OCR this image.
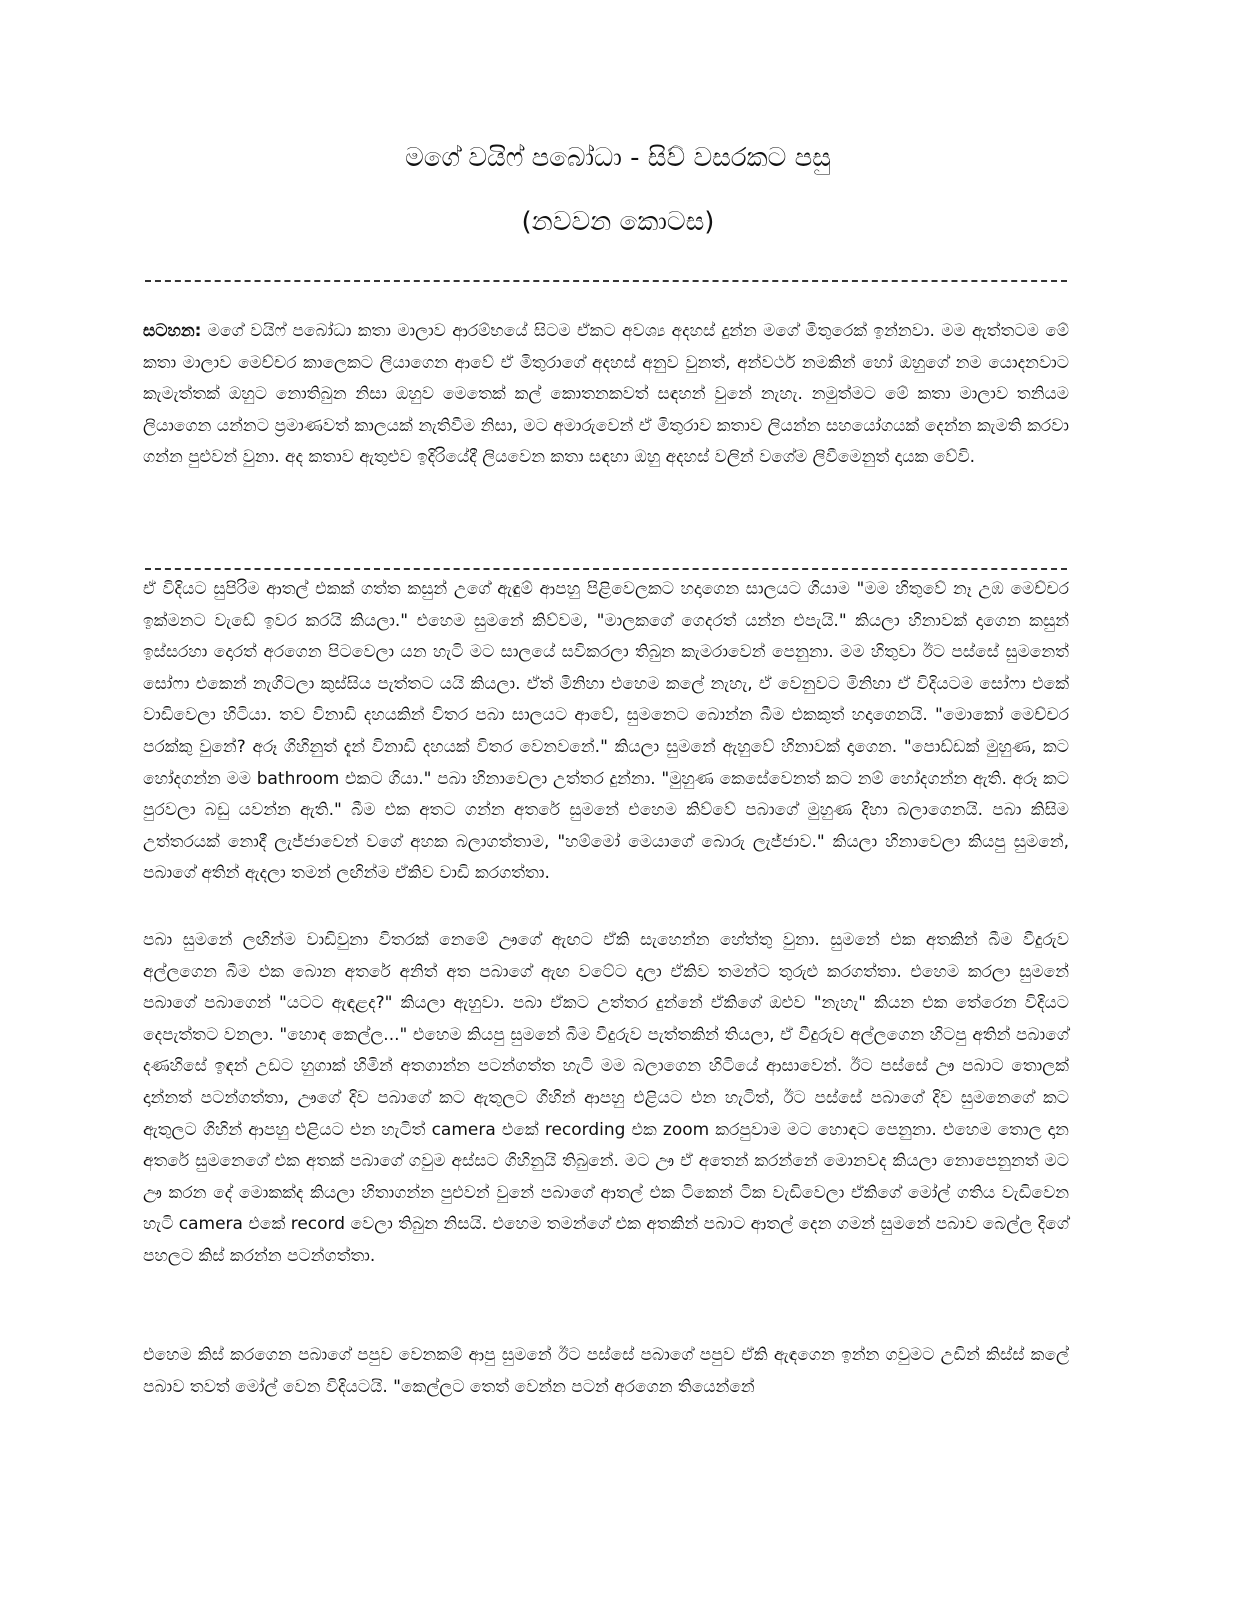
මගේ වයිෆ් පබෝධා - සිව් වසරකට පසු
(නවවන කොටස)

සටහන: මගේ වයිෆ් පබෝධා කතා මාලාව ආරම්භයේ සිටම ඒකට අවශ්‍ය අදහස් දුන්න මගේ මිතුරෙක් ඉන්නවා. මම ඇත්තටම මේ කතා මාලාව මෙච්චර කාලෙකට ලියාගෙන ආවේ ඒ මිතුරාගේ අදහස් අනුව වුනත්, අන්වර්ථ නමකින් හෝ ඔහුගේ නම යොදනවාට කැමැත්තක් ඔහුට නොතිබුන නිසා ඔහුව මෙතෙක් කල් කොතනකවත් සඳහන් වුනේ නැහැ. නමුත්මට මේ කතා මාලාව තනියම ලියාගෙන යන්නට ප්‍රමාණවත් කාලයක් නැතිවීම නිසා, මට අමාරුවෙන් ඒ මිතුරාව කතාව ලියන්න සහයෝගයක් දෙන්න කැමති කරවා ගන්න පුළුවන් වුනා. අද කතාව ඇතුළුව ඉදිරියේදී ලියවෙන කතා සඳහා ඔහු අදහස් වලින් වගේම ලිවීමෙනුත් දායක වේවි.

ඒ විදියට සුපිරිම ආතල් එකක් ගත්ත කසුන් උගේ ඇඳුම් ආපහු පිළිවෙලකට හදාගෙන සාලයට ගියාම "මම හිතුවේ නෑ උඹ මෙච්චර ඉක්මනට වැඩේ ඉවර කරයි කියලා." එහෙම සුමනේ කිව්වම, "මාලකගේ ගෙදරත් යන්න එපැයි." කියලා හිනාවක් දාගෙන කසුන් ඉස්සරහා දොරත් අරගෙන පිටවෙලා යන හැටි මට සාලයේ සවිකරලා තිබුන කැමරාවෙන් පෙනුනා. මම හිතුවා ඊට පස්සේ සුමනෙත් සෝෆා එකෙන් නැගිටලා කුස්සිය පැත්තට යයි කියලා. ඒත් මිනිහා එහෙම කලේ නැහැ, ඒ වෙනුවට මිනිහා ඒ විදියටම සෝෆා එකේ වාඩිවෙලා හිටියා. තව විනාඩි දහයකින් විතර පබා සාලයට ආවේ, සුමනෙට බොන්න බීම එකකුත් හදාගෙනයි. "මොකෝ මෙච්චර පරක්කු වුනේ? අරූ ගිහිනුත් දැන් විනාඩි දහයක් විතර වෙනවනේ." කියලා සුමනේ ඇහුවේ හිනාවක් දාගෙන. "පොඩ්ඩක් මුහුණ, කට හෝදගන්න මම bathroom එකට ගියා." පබා හිනාවෙලා උත්තර දුන්නා. "මුහුණ කෙසේවෙනත් කට නම් හෝදගන්න ඇති. අරූ කට පුරවලා බඩු යවන්න ඇති." බීම එක අතට ගන්න අතරේ සුමනේ එහෙම කිව්වේ පබාගේ මුහුණ දිහා බලාගෙනයි. පබා කිසිම උත්තරයක් නොදී ලැජ්ජාවෙන් වගේ අහක බලාගත්තාම, "හම්මෝ මෙයාගේ බොරු ලැජ්ජාව." කියලා හිනාවෙලා කියපු සුමනේ, පබාගේ අතින් ඇදලා තමන් ලඟින්ම ඒකිව වාඩි කරගත්තා.

පබා සුමනේ ලඟින්ම වාඩිවුනා විතරක් නෙමේ ඌගේ ඇඟට ඒකි සැහෙන්න හේත්තු වුනා. සුමනේ එක අතකින් බීම වීදුරුව අල්ලගෙන බීම එක බොන අතරේ අනිත් අත පබාගේ ඇඟ වටේට දාලා ඒකිව තමන්ට තුරුළු කරගත්තා. එහෙම කරලා සුමනේ පබාගේ පබාගෙන් "යටට ඇඳළද?" කියලා ඇහුවා. පබා ඒකට උත්තර දුන්නේ ඒකිගේ ඔළුව "නැහැ" කියන එක තේරෙන විදියට දෙපැත්තට වනලා. "හොඳ කෙල්ල..." එහෙම කියපු සුමනේ බීම වීදුරුව පැත්තකින් තියලා, ඒ වීදුරුව අල්ලගෙන හිටපු අතින් පබාගේ දණහිසේ ඉඳන් උඩට හුගාක් හිමින් අතගාන්න පටන්ගත්ත හැටි මම බලාගෙන හිටියේ ආසාවෙන්. ඊට පස්සේ ඌ පබාට තොලක් දාන්නත් පටන්ගත්තා, ඌගේ දිව පබාගේ කට ඇතුලට ගිහින් ආපහු එළියට එන හැටිත්, ඊට පස්සේ පබාගේ දිව සුමනෙගේ කට ඇතුලට ගිහින් ආපහු එළියට එන හැටිත් camera එකේ recording එක zoom කරපුවාම මට හොඳට පෙනුනා. එහෙම තොල දාන අතරේ සුමනෙගේ එක අතක් පබාගේ ගවුම අස්සට ගිහිනුයි තිබුනේ. මට ඌ ඒ අතෙන් කරන්නේ මොනවද කියලා නොපෙනුනත් මට ඌ කරන දේ මොකක්ද කියලා හිතාගන්න පුළුවන් වුනේ පබාගේ ආතල් එක ටිකෙන් ටික වැඩිවෙලා ඒකිගේ මෝල් ගතිය වැඩිවෙන හැටි camera එකේ record වෙලා තිබුන නිසයි. එහෙම තමන්ගේ එක අතකින් පබාට ආතල් දෙන ගමන් සුමනේ පබාව බෙල්ල දිගේ පහලට කිස් කරන්න පටන්ගත්තා.

එහෙම කිස් කරගෙන පබාගේ පපුව වෙනකම් ආපු සුමනේ ඊට පස්සේ පබාගේ පපුව ඒකි ඇඳගෙන ඉන්න ගවුමට උඩින් කිස්ස් කලේ පබාව තවත් මෝල් වෙන විදියටයි. "කෙල්ලට තෙත් වෙන්න පටන් අරගෙන තියෙන්නේ
